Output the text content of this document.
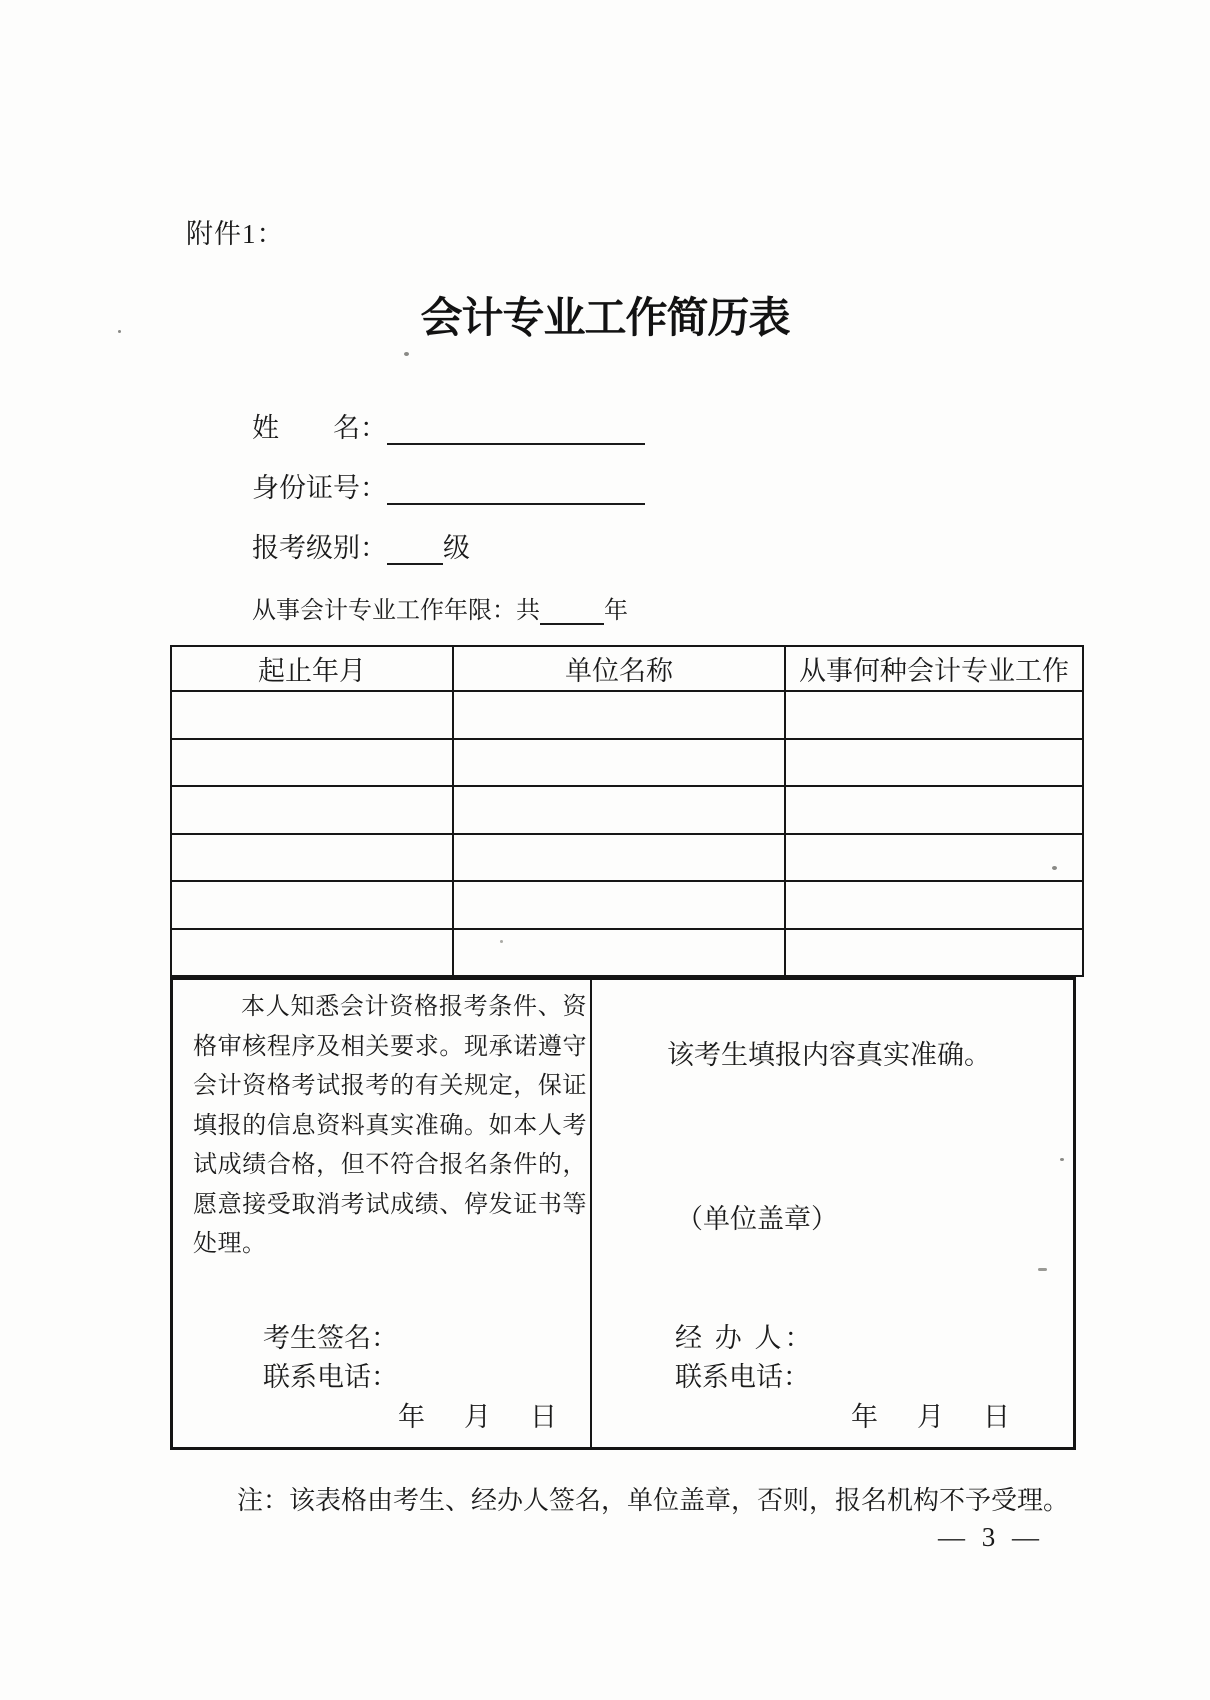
附件1：
会计专业工作简历表
姓　　名：
身份证号：
报考级别： 级
从事会计专业工作年限：共	年
起止年月	单位名称	从事何种会计专业工作

本人知悉会计资格报考条件、资格审核程序及相关要求。现承诺遵守会计资格考试报考的有关规定，保证填报的信息资料真实准确。如本人考试成绩合格，但不符合报名条件的，愿意接受取消考试成绩、停发证书等处理。

考生签名：
联系电话：
年　月　日
该考生填报内容真实准确。
（单位盖章）
经 办 人：
联系电话：
年　月　日
注：该表格由考生、经办人签名，单位盖章，否则，报名机构不予受理。
— 3 —
